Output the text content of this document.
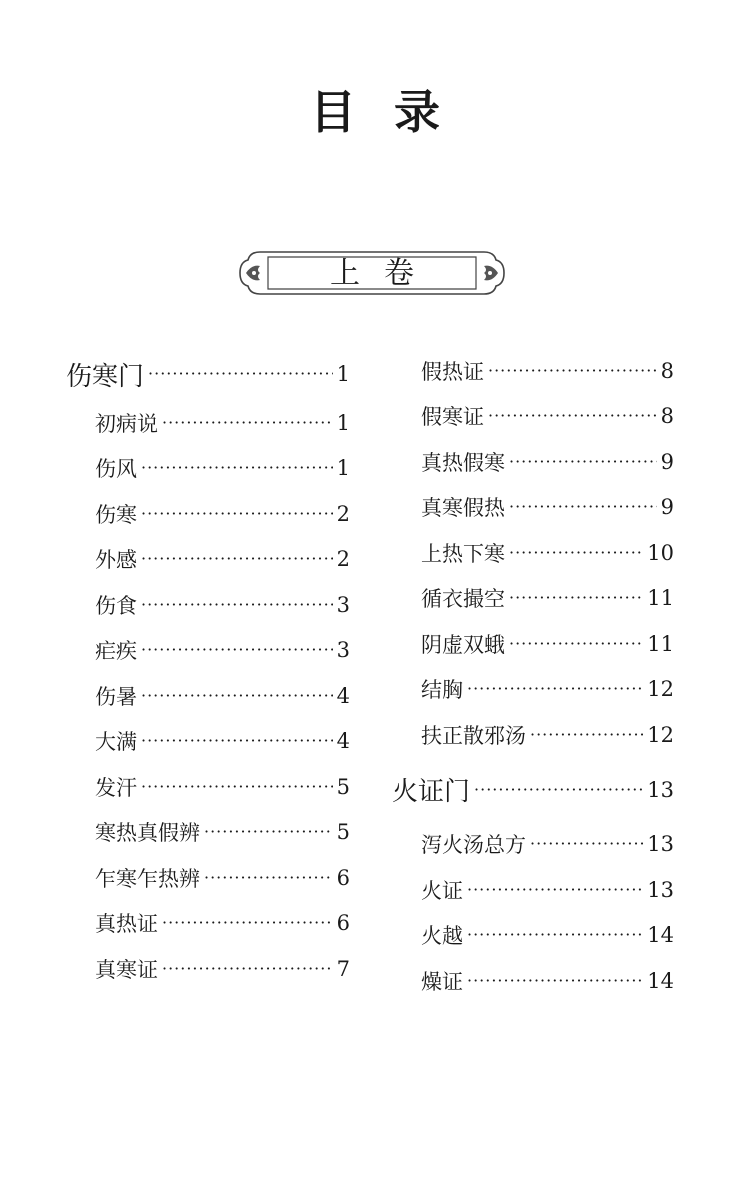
目录
上卷
伤寒门 ·····	1
初病说 ·····	1
伤风 ·····	1
伤寒 ·····	2
外感 ·····	2
伤食 ·····	3
疟疾 ·····	3
伤暑 ·····	4
大满 ·····	4
发汗 ·····	5
寒热真假辨 ·····	5
乍寒乍热辨 ·····	6
真热证 ·····	6
真寒证 ·····	7
假热证 ·····	8
假寒证 ·····	8
真热假寒 ·····	9
真寒假热 ·····	9
上热下寒 ·····	10
循衣撮空 ·····	11
阴虚双蛾 ·····	11
结胸 ·····	12
扶正散邪汤 ·····	12
火证门 ·····	13
泻火汤总方 ·····	13
火证 ·····	13
火越 ·····	14
燥证 ·····	14
